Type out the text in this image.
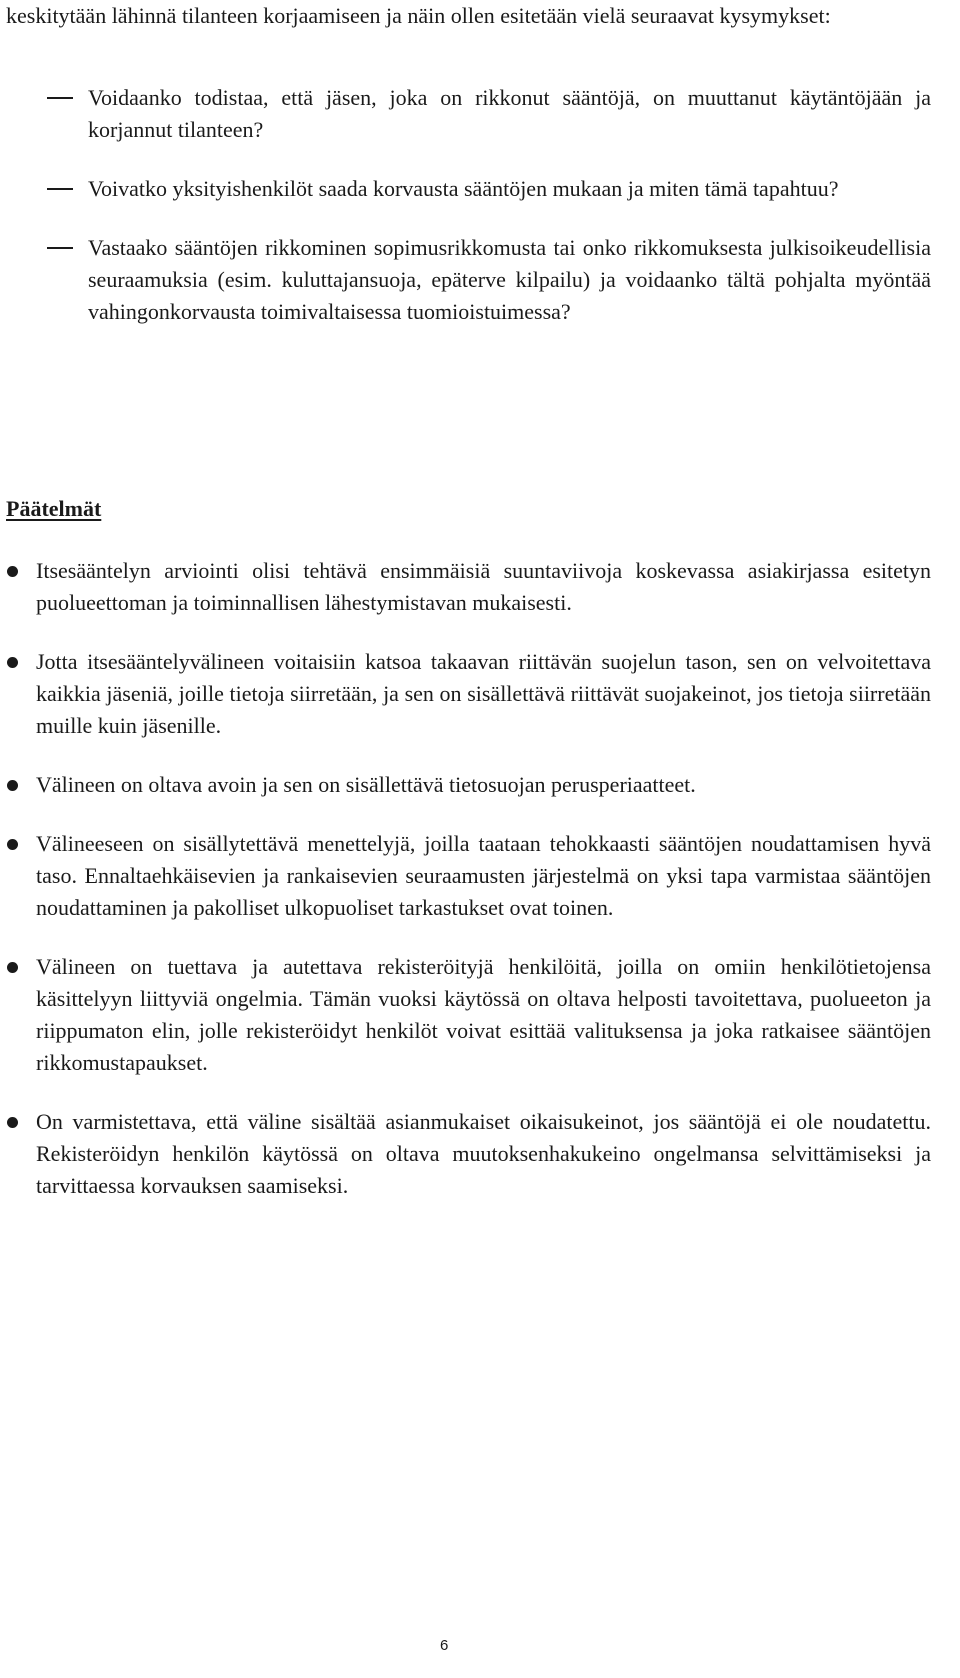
keskitytään lähinnä tilanteen korjaamiseen ja näin ollen esitetään vielä seuraavat kysymykset:

Voidaanko todistaa, että jäsen, joka on rikkonut sääntöjä, on muuttanut käytäntöjään ja korjannut tilanteen?

Voivatko yksityishenkilöt saada korvausta sääntöjen mukaan ja miten tämä tapahtuu?

Vastaako sääntöjen rikkominen sopimusrikkomusta tai onko rikkomuksesta julkisoikeudellisia seuraamuksia (esim. kuluttajansuoja, epäterve kilpailu) ja voidaanko tältä pohjalta myöntää vahingonkorvausta toimivaltaisessa tuomioistuimessa?

Päätelmät

Itsesääntelyn arviointi olisi tehtävä ensimmäisiä suuntaviivoja koskevassa asiakirjassa esitetyn puolueettoman ja toiminnallisen lähestymistavan mukaisesti.

Jotta itsesääntelyvälineen voitaisiin katsoa takaavan riittävän suojelun tason, sen on velvoitettava kaikkia jäseniä, joille tietoja siirretään, ja sen on sisällettävä riittävät suojakeinot, jos tietoja siirretään muille kuin jäsenille.

Välineen on oltava avoin ja sen on sisällettävä tietosuojan perusperiaatteet.

Välineeseen on sisällytettävä menettelyjä, joilla taataan tehokkaasti sääntöjen noudattamisen hyvä taso. Ennaltaehkäisevien ja rankaisevien seuraamusten järjestelmä on yksi tapa varmistaa sääntöjen noudattaminen ja pakolliset ulkopuoliset tarkastukset ovat toinen.

Välineen on tuettava ja autettava rekisteröityjä henkilöitä, joilla on omiin henkilötietojensa käsittelyyn liittyviä ongelmia. Tämän vuoksi käytössä on oltava helposti tavoitettava, puolueeton ja riippumaton elin, jolle rekisteröidyt henkilöt voivat esittää valituksensa ja joka ratkaisee sääntöjen rikkomustapaukset.

On varmistettava, että väline sisältää asianmukaiset oikaisukeinot, jos sääntöjä ei ole noudatettu. Rekisteröidyn henkilön käytössä on oltava muutoksenhakukeino ongelmansa selvittämiseksi ja tarvittaessa korvauksen saamiseksi.

6
